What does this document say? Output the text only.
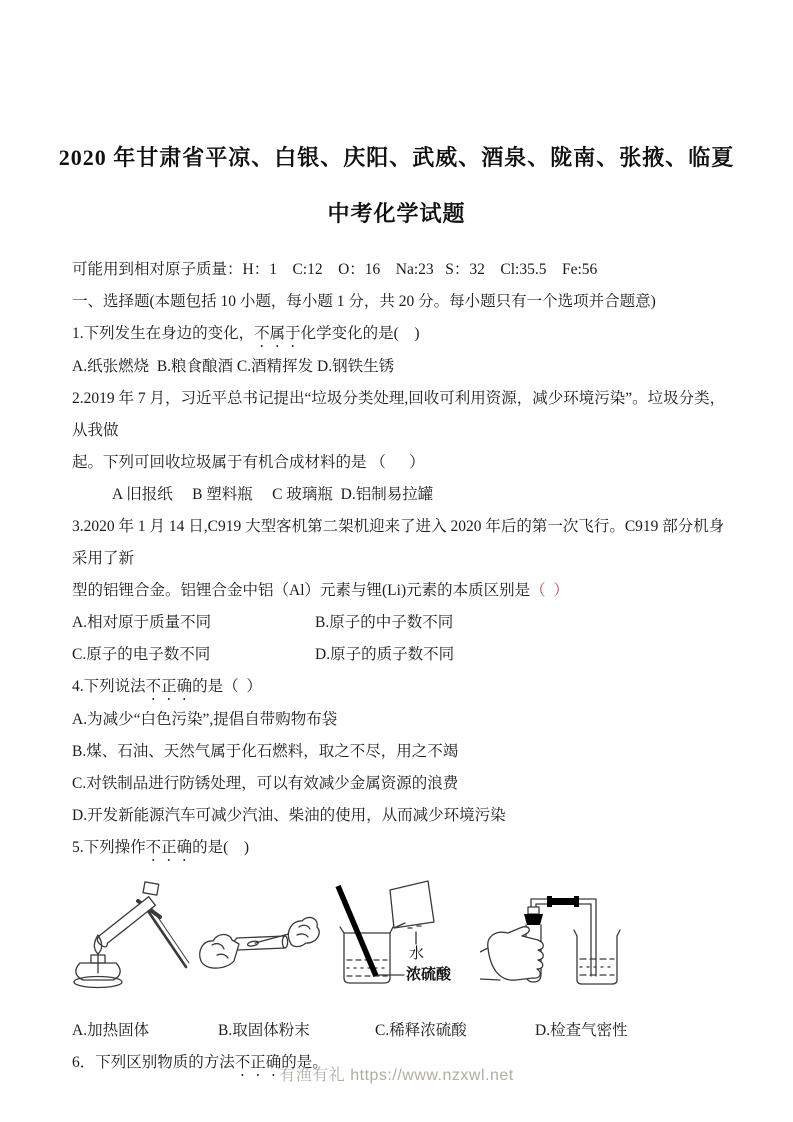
2020 年甘肃省平凉、白银、庆阳、武威、酒泉、陇南、张掖、临夏
中考化学试题
可能用到相对原子质量：H：1    C:12    O：16    Na:23   S：32    Cl:35.5    Fe:56
一、选择题(本题包括 10 小题，每小题 1 分，共 20 分。每小题只有一个选项并合题意)
1.下列发生在身边的变化，不属于化学变化的是(    )
A.纸张燃烧  B.粮食酿酒 C.酒精挥发 D.钢铁生锈
2.2019 年 7 月，习近平总书记提出“垃圾分类处理,回收可利用资源，减少环境污染”。垃圾分类，从我做
起。下列可回收垃圾属于有机合成材料的是 （      ）
A 旧报纸　 B 塑料瓶　 C 玻璃瓶  D.铝制易拉罐
3.2020 年 1 月 14 日,C919 大型客机第二架机迎来了进入 2020 年后的第一次飞行。C919 部分机身采用了新
型的铝锂合金。铝锂合金中铝（Al）元素与锂(Li)元素的本质区别是（  ）
A.相对原于质量不同	B.原子的中子数不同
C.原子的电子数不同	D.原子的质子数不同
4.下列说法不正确的是（  ）
A.为减少“白色污染”,提倡自带购物布袋
B.煤、石油、天然气属于化石燃料，取之不尽，用之不竭
C.对铁制品进行防锈处理，可以有效减少金属资源的浪费
D.开发新能源汽车可减少汽油、柴油的使用，从而减少环境污染
5.下列操作不正确的是(    )
水
浓硫酸
A.加热固体	B.取固体粉末	C.稀释浓硫酸	D.检查气密性
6．下列区别物质的方法不正确的是。
有渔有礼 https://www.nzxwl.net
